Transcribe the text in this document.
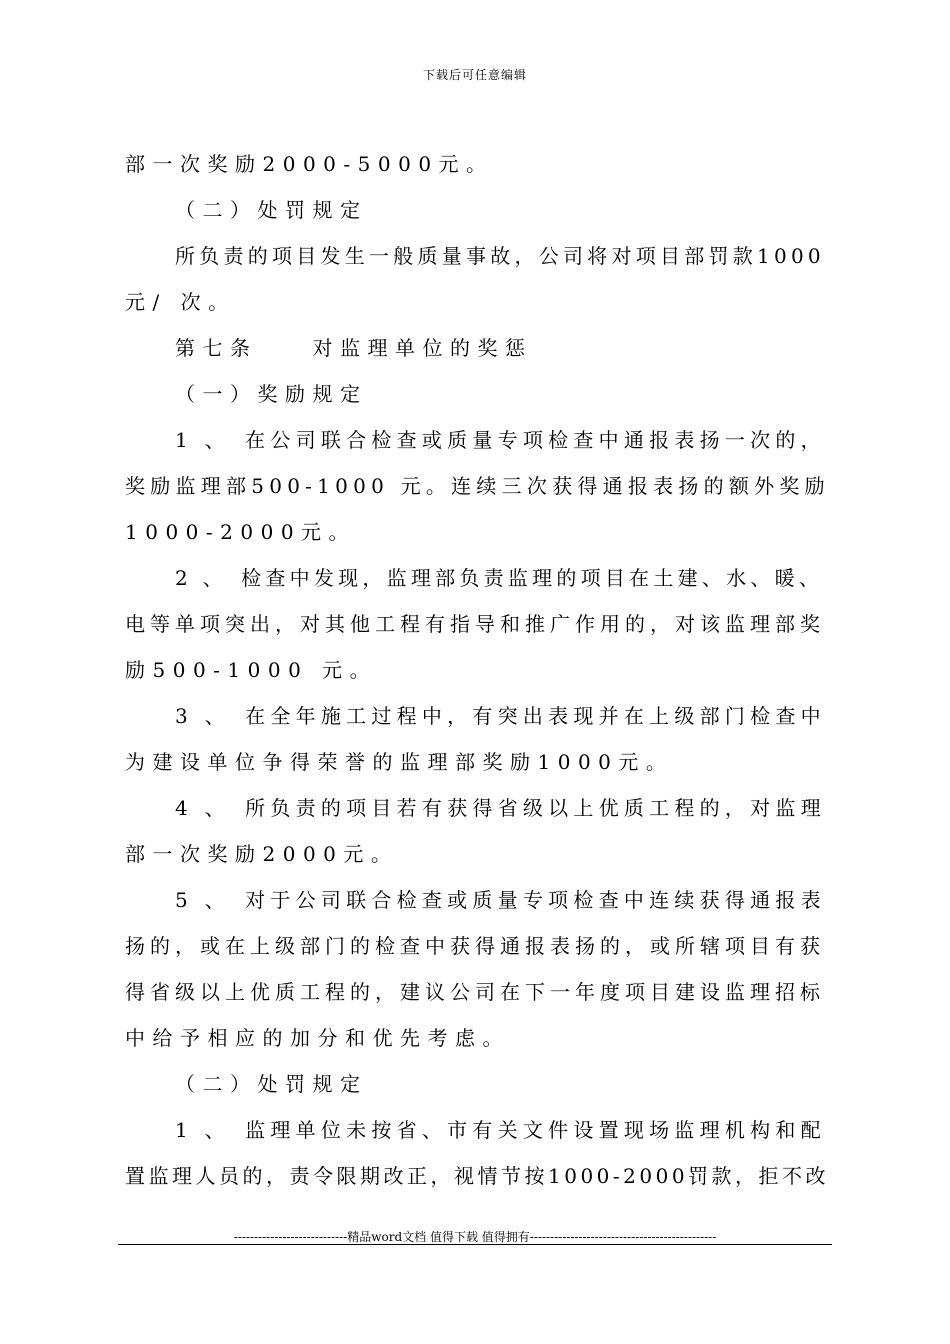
下载后可任意编辑
部一次奖励2000-5000元。
（二）处罚规定
所负责的项目发生一般质量事故，公司将对项目部罚款1000
元/ 次。
第七条　　对监理单位的奖惩
（一）奖励规定
1 、　在公司联合检查或质量专项检查中通报表扬一次的，
奖励监理部500-1000 元。连续三次获得通报表扬的额外奖励
1000-2000元。
2 、　检查中发现，监理部负责监理的项目在土建、水、暖、
电等单项突出，对其他工程有指导和推广作用的，对该监理部奖
励500-1000 元。
3 、　在全年施工过程中，有突出表现并在上级部门检查中
为建设单位争得荣誉的监理部奖励1000元。
4 、　所负责的项目若有获得省级以上优质工程的，对监理
部一次奖励2000元。
5 、　对于公司联合检查或质量专项检查中连续获得通报表
扬的，或在上级部门的检查中获得通报表扬的，或所辖项目有获
得省级以上优质工程的，建议公司在下一年度项目建设监理招标
中给予相应的加分和优先考虑。
（二）处罚规定
1 、　监理单位未按省、市有关文件设置现场监理机构和配
置监理人员的，责令限期改正，视情节按1000-2000罚款，拒不改
----------------------------精品word文档 值得下载 值得拥有----------------------------------------------
